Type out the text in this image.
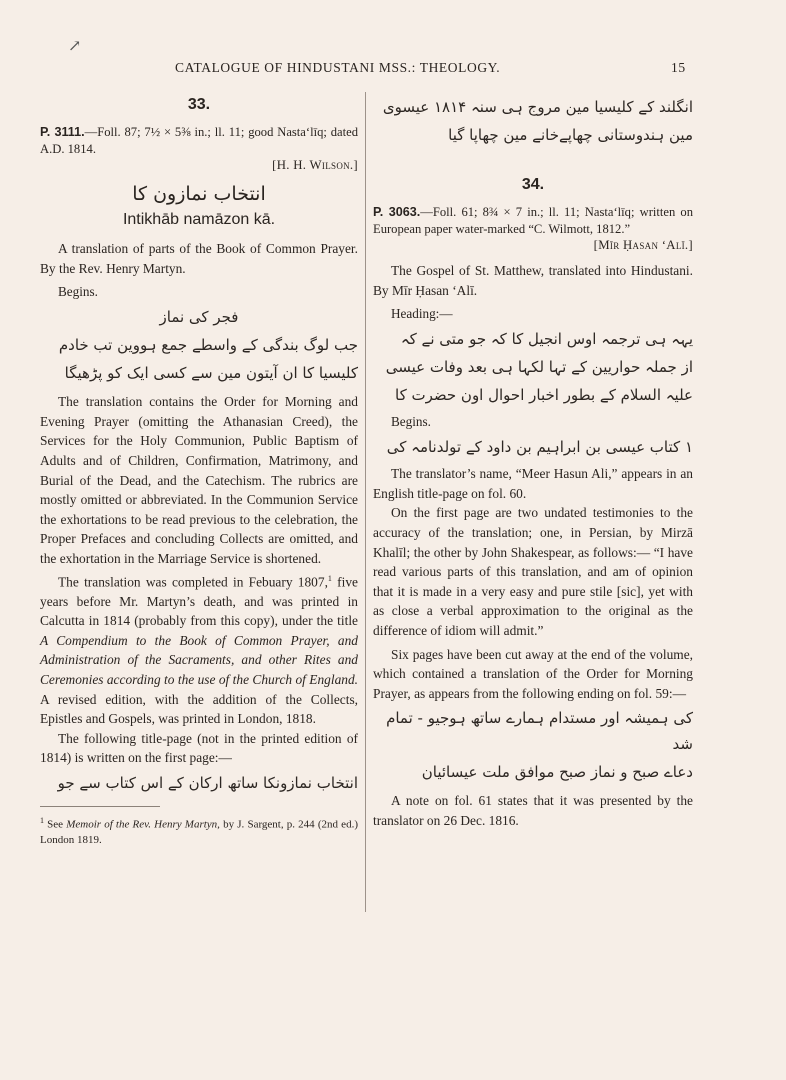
↗
CATALOGUE OF HINDUSTANI MSS.: THEOLOGY.	15
33.

P. 3111.—Foll. 87; 7½ × 5⅜ in.; ll. 11; good Nasta‘līq; dated A.D. 1814.

[H. H. Wilson.]
انتخاب نمازون کا
Intikhāb namāzon kā.

A translation of parts of the Book of Common Prayer. By the Rev. Henry Martyn.

Begins.
فجر کی نماز
جب لوگ بندگی کے واسطے جمع ہووین تب خادم
کلیسیا کا ان آیتون مین سے کسی ایک کو پڑھیگا

The translation contains the Order for Morning and Evening Prayer (omitting the Athanasian Creed), the Services for the Holy Communion, Public Baptism of Adults and of Children, Confirmation, Matrimony, and Burial of the Dead, and the Catechism. The rubrics are mostly omitted or abbreviated. In the Communion Service the exhortations to be read previous to the celebration, the Proper Prefaces and concluding Collects are omitted, and the exhortation in the Marriage Service is shortened.

The translation was completed in Febuary 1807,$^1$ five years before Mr. Martyn’s death, and was printed in Calcutta in 1814 (probably from this copy), under the title A Compendium to the Book of Common Prayer, and Administration of the Sacraments, and other Rites and Ceremonies according to the use of the Church of England. A revised edition, with the addition of the Collects, Epistles and Gospels, was printed in London, 1818.

The following title-page (not in the printed edition of 1814) is written on the first page:—

انتخاب نمازونکا ساتھ ارکان کے اس کتاب سے جو

$^1$ See Memoir of the Rev. Henry Martyn, by J. Sargent, p. 244 (2nd ed.) London 1819.

انگلند کے کلیسیا مین مروج ہی سنہ ۱۸۱۴ عیسوی
مین ہندوستانی چھاپےخانے مین چھاپا گیا
34.

P. 3063.—Foll. 61; 8¾ × 7 in.; ll. 11; Nasta‘līq; written on European paper water-marked “C. Wilmott, 1812.”

[Mīr Ḥasan ‘Alī.]

The Gospel of St. Matthew, translated into Hindustani. By Mīr Ḥasan ‘Alī.

Heading:—
یہہ ہی ترجمہ اوس انجیل کا کہ جو متی نے کہ
از جملہ حواریین کے تہا لکہا ہی بعد وفات عیسی
علیہ السلام کے بطور اخبار احوال اون حضرت کا
Begins.
۱ کتاب عیسی بن ابراہیم بن داود کے تولدنامہ کی

The translator’s name, “Meer Hasun Ali,” appears in an English title-page on fol. 60.

On the first page are two undated testimonies to the accuracy of the translation; one, in Persian, by Mirzā Khalīl; the other by John Shakespear, as follows:— “I have read various parts of this translation, and am of opinion that it is made in a very easy and pure stile [sic], yet with as close a verbal approximation to the original as the difference of idiom will admit.”

Six pages have been cut away at the end of the volume, which contained a translation of the Order for Morning Prayer, as appears from the following ending on fol. 59:—

کی ہمیشہ اور مستدام ہمارے ساتھ ہوجیو - تمام شد
دعاے صبح و نماز صبح موافق ملت عیسائیان

A note on fol. 61 states that it was presented by the translator on 26 Dec. 1816.
